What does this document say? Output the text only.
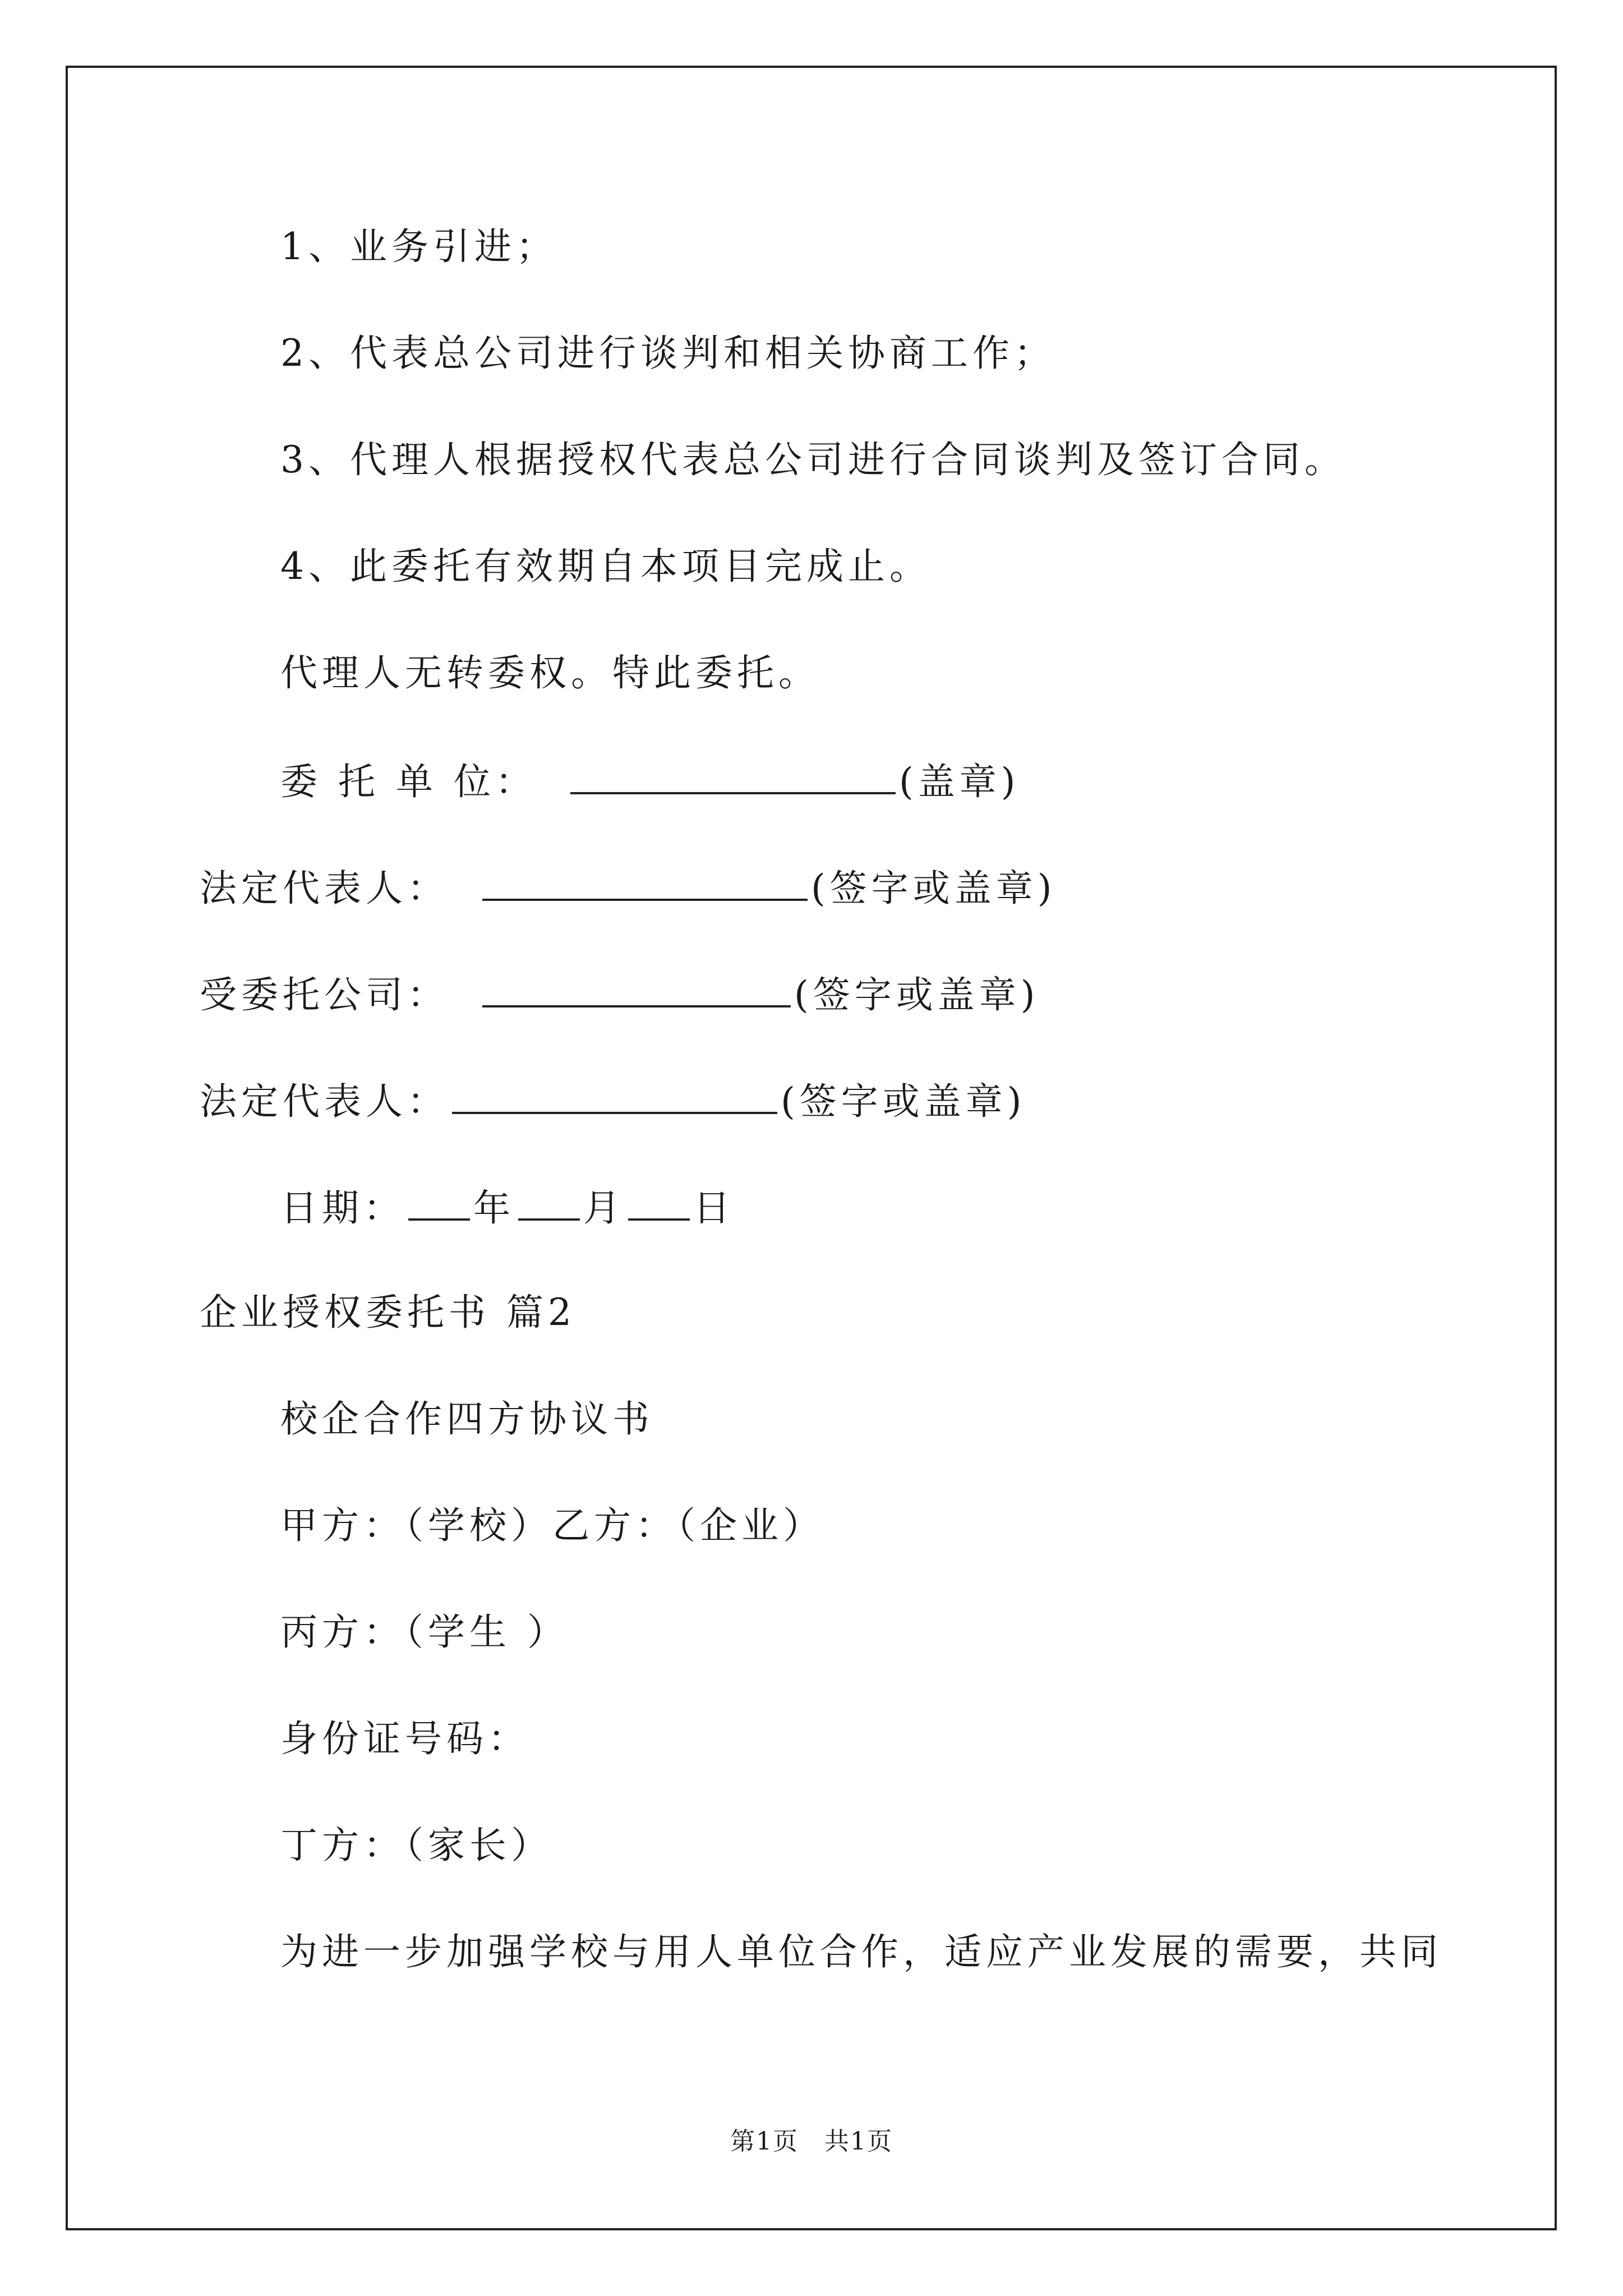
1、业务引进；
2、代表总公司进行谈判和相关协商工作；
3、代理人根据授权代表总公司进行合同谈判及签订合同。
4、此委托有效期自本项目完成止。
代理人无转委权。特此委托。
委 托 单 位：	(盖章)
法定代表人：	(签字或盖章)
受委托公司：	(签字或盖章)
法定代表人：	(签字或盖章)
日期： 年 月 日
企业授权委托书 篇2
校企合作四方协议书
甲方：（学校）乙方：（企业）
丙方：（学生 ）
身份证号码：
丁方：（家长）
为进一步加强学校与用人单位合作，适应产业发展的需要，共同
第1页　共1页
